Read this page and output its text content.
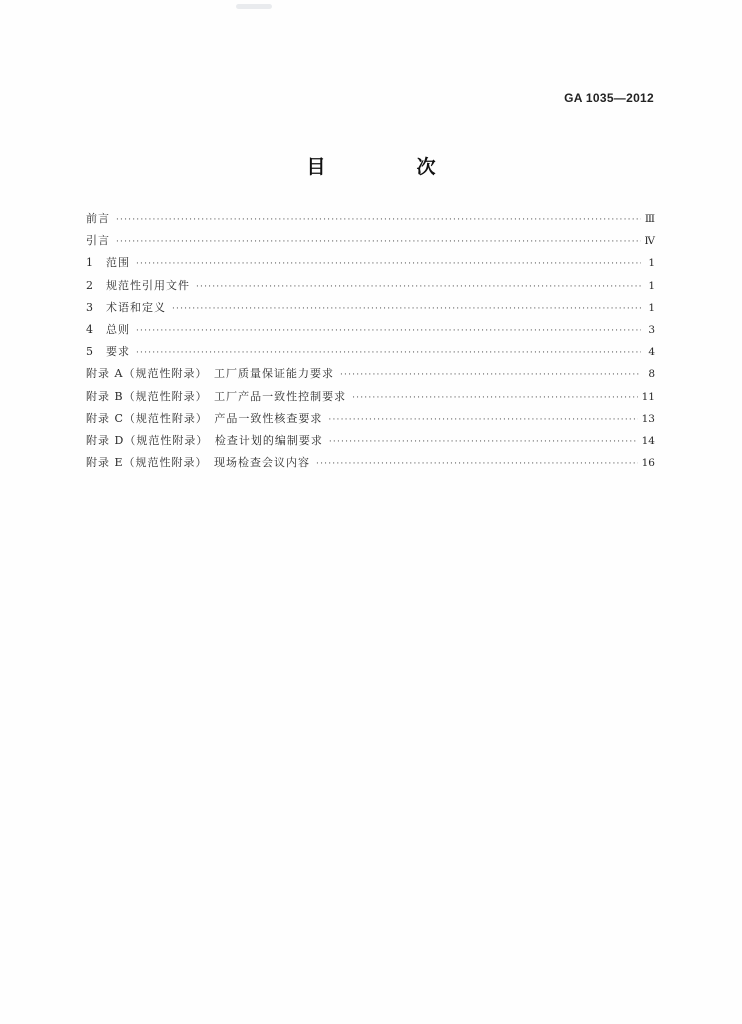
GA 1035—2012
目　次
前言 ·····	Ⅲ
引言 ·····	Ⅳ
1　范围 ·····	1
2　规范性引用文件 ·····	1
3　术语和定义 ·····	1
4　总则 ·····	3
5　要求 ·····	4
附录 A（规范性附录）　工厂质量保证能力要求 ·····	8
附录 B（规范性附录）　工厂产品一致性控制要求 ·····	11
附录 C（规范性附录）　产品一致性核查要求 ·····	13
附录 D（规范性附录）　检查计划的编制要求 ·····	14
附录 E（规范性附录）　现场检查会议内容 ·····	16
